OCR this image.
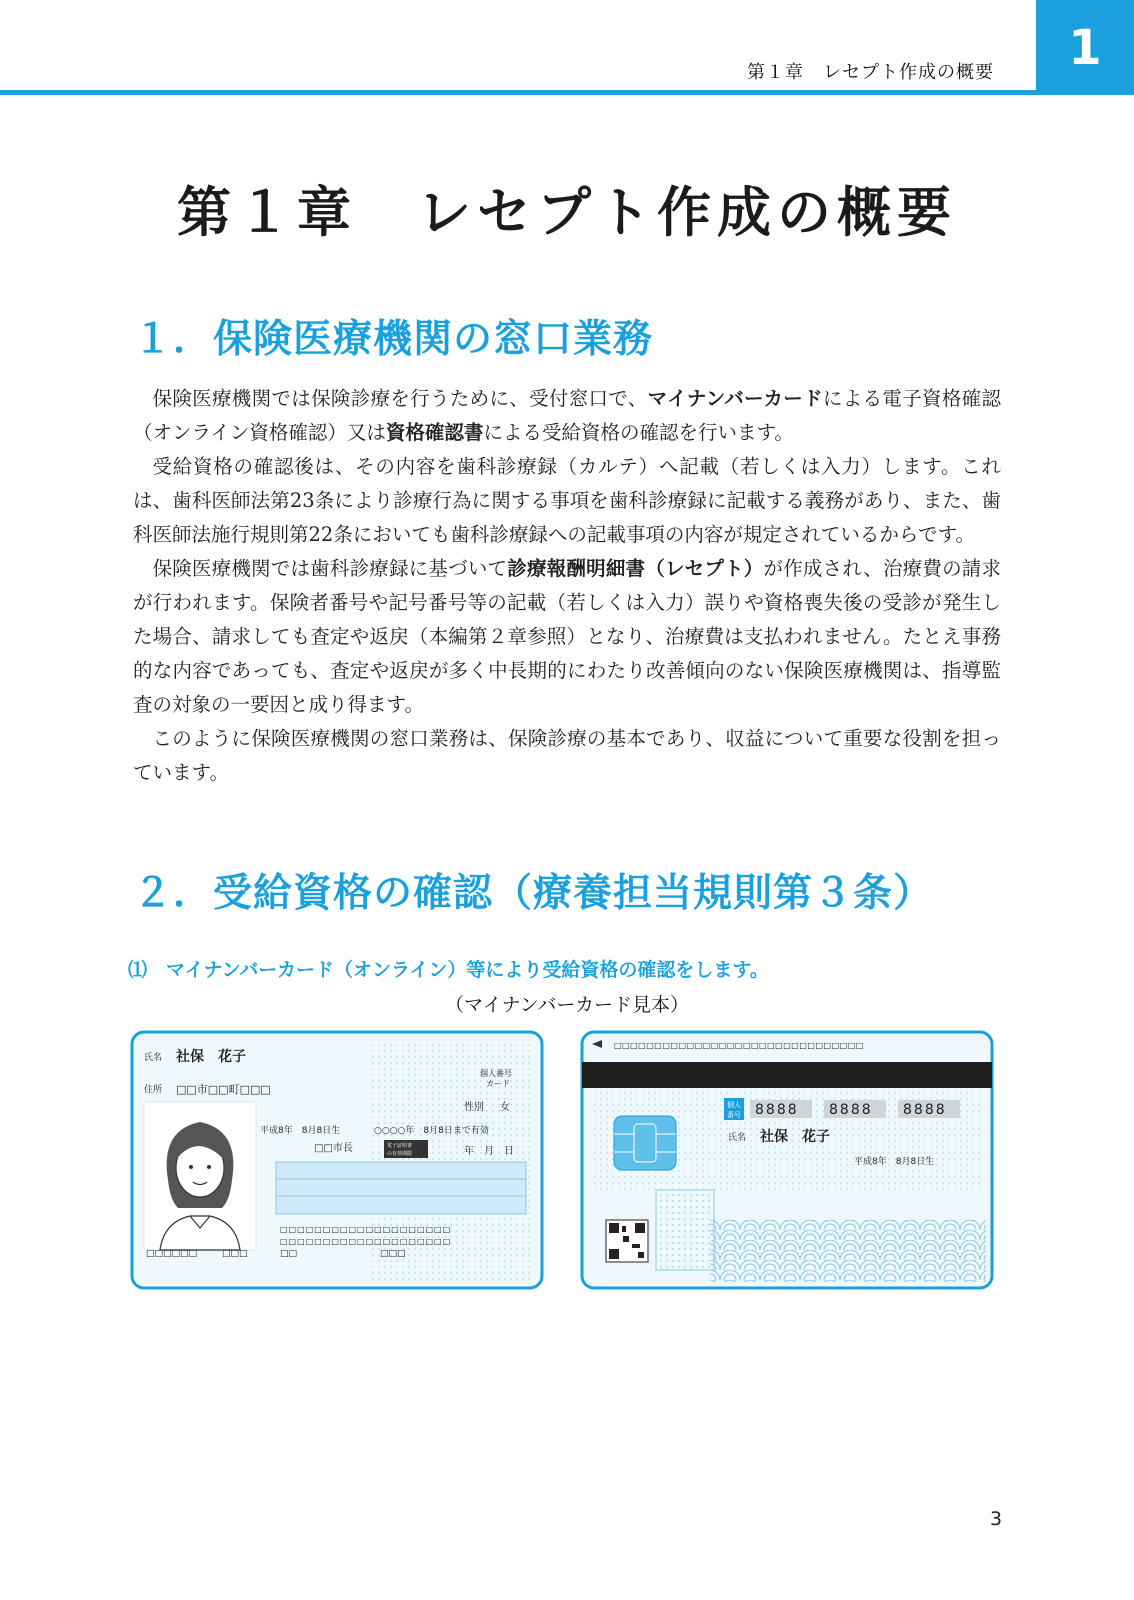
第１章　レセプト作成の概要	1
第１章　レセプト作成の概要
１．保険医療機関の窓口業務

保険医療機関では保険診療を行うために、受付窓口で、マイナンバーカードによる電子資格確認（オンライン資格確認）又は資格確認書による受給資格の確認を行います。

受給資格の確認後は、その内容を歯科診療録（カルテ）へ記載（若しくは入力）します。これは、歯科医師法第23条により診療行為に関する事項を歯科診療録に記載する義務があり、また、歯科医師法施行規則第22条においても歯科診療録への記載事項の内容が規定されているからです。

保険医療機関では歯科診療録に基づいて診療報酬明細書（レセプト）が作成され、治療費の請求が行われます。保険者番号や記号番号等の記載（若しくは入力）誤りや資格喪失後の受診が発生した場合、請求しても査定や返戻（本編第２章参照）となり、治療費は支払われません。たとえ事務的な内容であっても、査定や返戻が多く中長期的にわたり改善傾向のない保険医療機関は、指導監査の対象の一要因と成り得ます。

このように保険医療機関の窓口業務は、保険診療の基本であり、収益について重要な役割を担っています。

２．受給資格の確認（療養担当規則第３条）
⑴　マイナンバーカード（オンライン）等により受給資格の確認をします。
（マイナンバーカード見本）
氏名 社保　花子
住所 □□市□□町□□□
個人番号
カード
性別 女
平成8年　8月8日生	○○○○年　8月8日まで有効
□□市長	電子証明書
の有効期限	年　月　日
□□□□□□□□□□□□□□□□□□□□
□□□□□□□□□□□□□□□□□□□□
□□□□□□	□□□	□□	□□□
□□□□□□□□□□□□□□□□□□□□□□□□□□□□□□□
個人
番号 8888 8888 8888
氏名 社保　花子
平成8年　8月8日生
3
